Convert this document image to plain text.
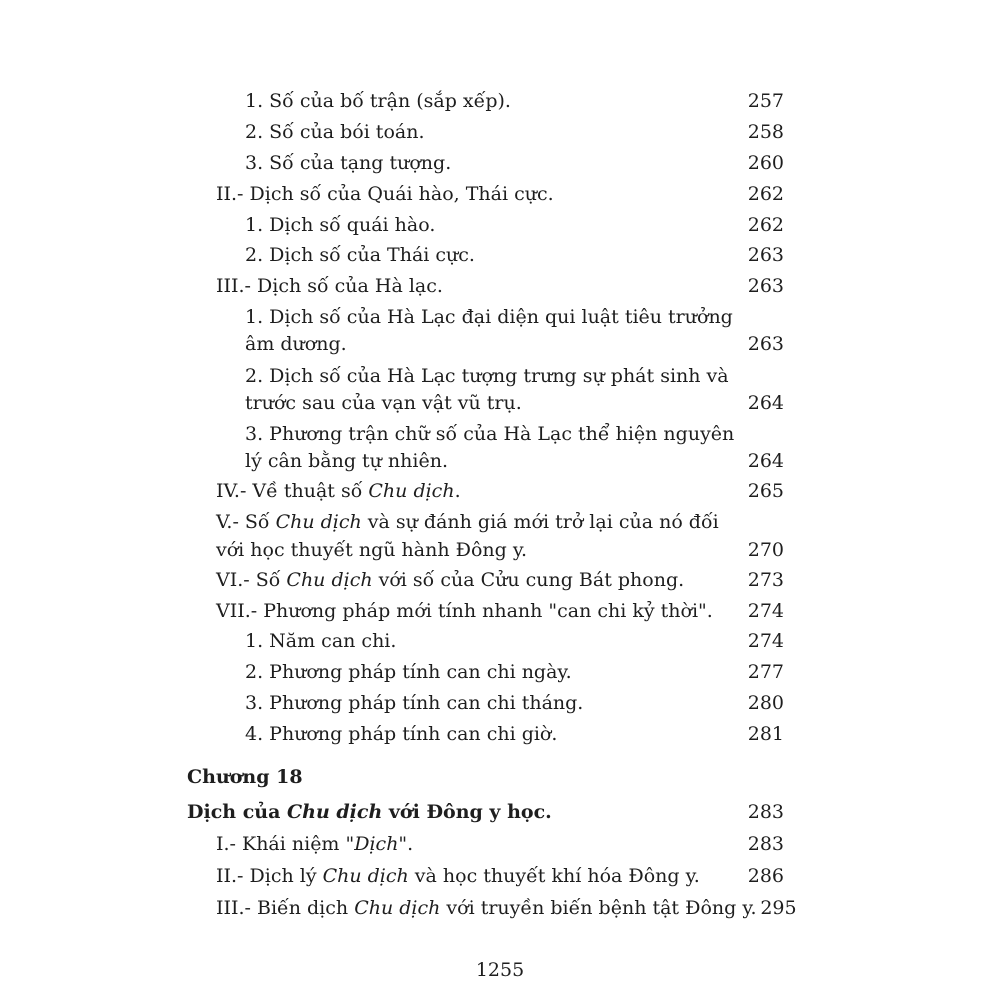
1. Số của bố trận (sắp xếp).	257
2. Số của bói toán.	258
3. Số của tạng tượng.	260
II.- Dịch số của Quái hào, Thái cực.	262
1. Dịch số quái hào.	262
2. Dịch số của Thái cực.	263
III.- Dịch số của Hà lạc.	263
1. Dịch số của Hà Lạc đại diện qui luật tiêu trưởng
âm dương.	263
2. Dịch số của Hà Lạc tượng trưng sự phát sinh và
trước sau của vạn vật vũ trụ.	264
3. Phương trận chữ số của Hà Lạc thể hiện nguyên
lý cân bằng tự nhiên.	264
IV.- Về thuật số Chu dịch.	265
V.- Số Chu dịch và sự đánh giá mới trở lại của nó đối
với học thuyết ngũ hành Đông y.	270
VI.- Số Chu dịch với số của Cửu cung Bát phong.	273
VII.- Phương pháp mới tính nhanh "can chi kỷ thời". 274
1. Năm can chi.	274
2. Phương pháp tính can chi ngày.	277
3. Phương pháp tính can chi tháng.	280
4. Phương pháp tính can chi giờ.	281
Chương 18
Dịch của Chu dịch với Đông y học.	283
I.- Khái niệm "Dịch".	283
II.- Dịch lý Chu dịch và học thuyết khí hóa Đông y.	286
III.- Biến dịch Chu dịch với truyền biến bệnh tật Đông y. 295
1255
